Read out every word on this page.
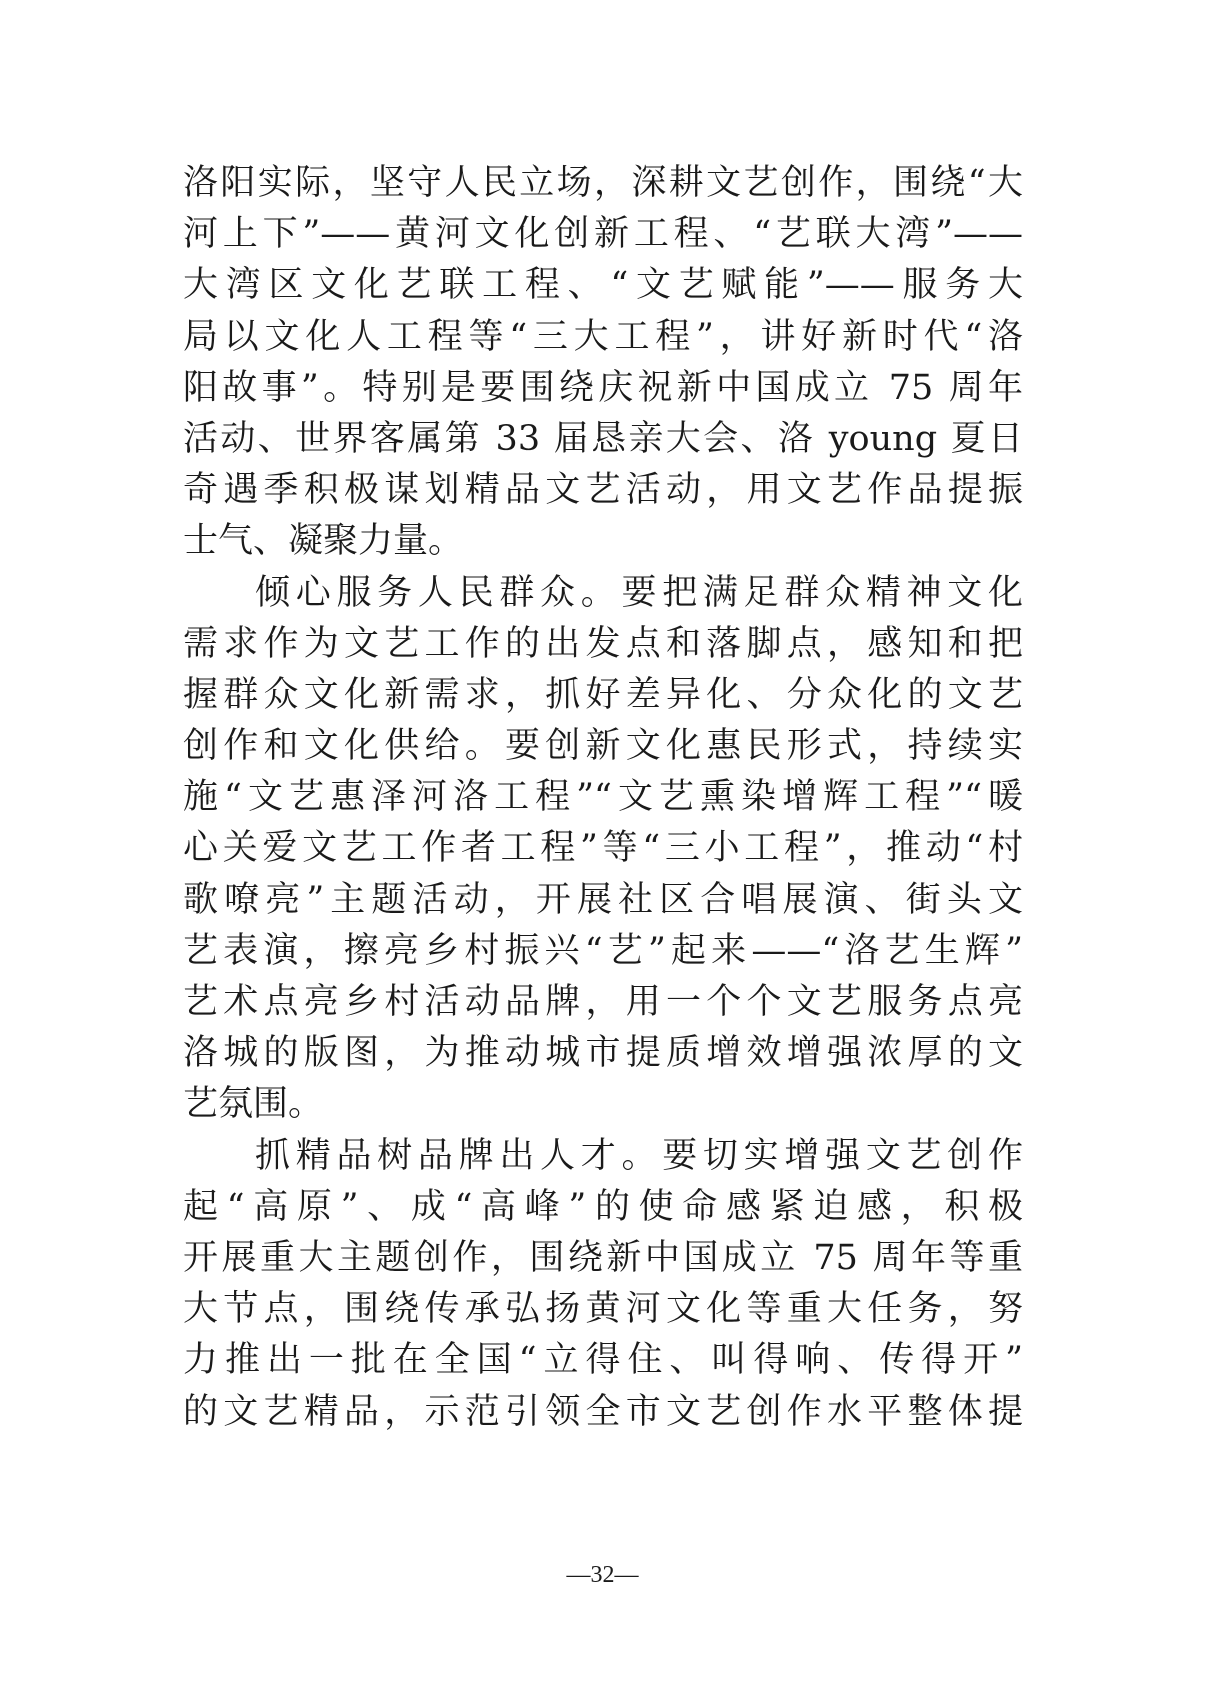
洛阳实际，坚守人民立场，深耕文艺创作，围绕“大
河上下”——黄河文化创新工程、“艺联大湾”——
大湾区文化艺联工程、“文艺赋能”——服务大
局以文化人工程等“三大工程”，讲好新时代“洛
阳故事”。特别是要围绕庆祝新中国成立 75 周年
活动、世界客属第 33 届恳亲大会、洛 young 夏日
奇遇季积极谋划精品文艺活动，用文艺作品提振
士气、凝聚力量。
倾心服务人民群众。要把满足群众精神文化
需求作为文艺工作的出发点和落脚点，感知和把
握群众文化新需求，抓好差异化、分众化的文艺
创作和文化供给。要创新文化惠民形式，持续实
施“文艺惠泽河洛工程”“文艺熏染增辉工程”“暖
心关爱文艺工作者工程”等“三小工程”，推动“村
歌嘹亮”主题活动，开展社区合唱展演、街头文
艺表演，擦亮乡村振兴“艺”起来——“洛艺生辉”
艺术点亮乡村活动品牌，用一个个文艺服务点亮
洛城的版图，为推动城市提质增效增强浓厚的文
艺氛围。
抓精品树品牌出人才。要切实增强文艺创作
起“高原”、成“高峰”的使命感紧迫感，积极
开展重大主题创作，围绕新中国成立 75 周年等重
大节点，围绕传承弘扬黄河文化等重大任务，努
力推出一批在全国“立得住、叫得响、传得开”
的文艺精品，示范引领全市文艺创作水平整体提
—32—
